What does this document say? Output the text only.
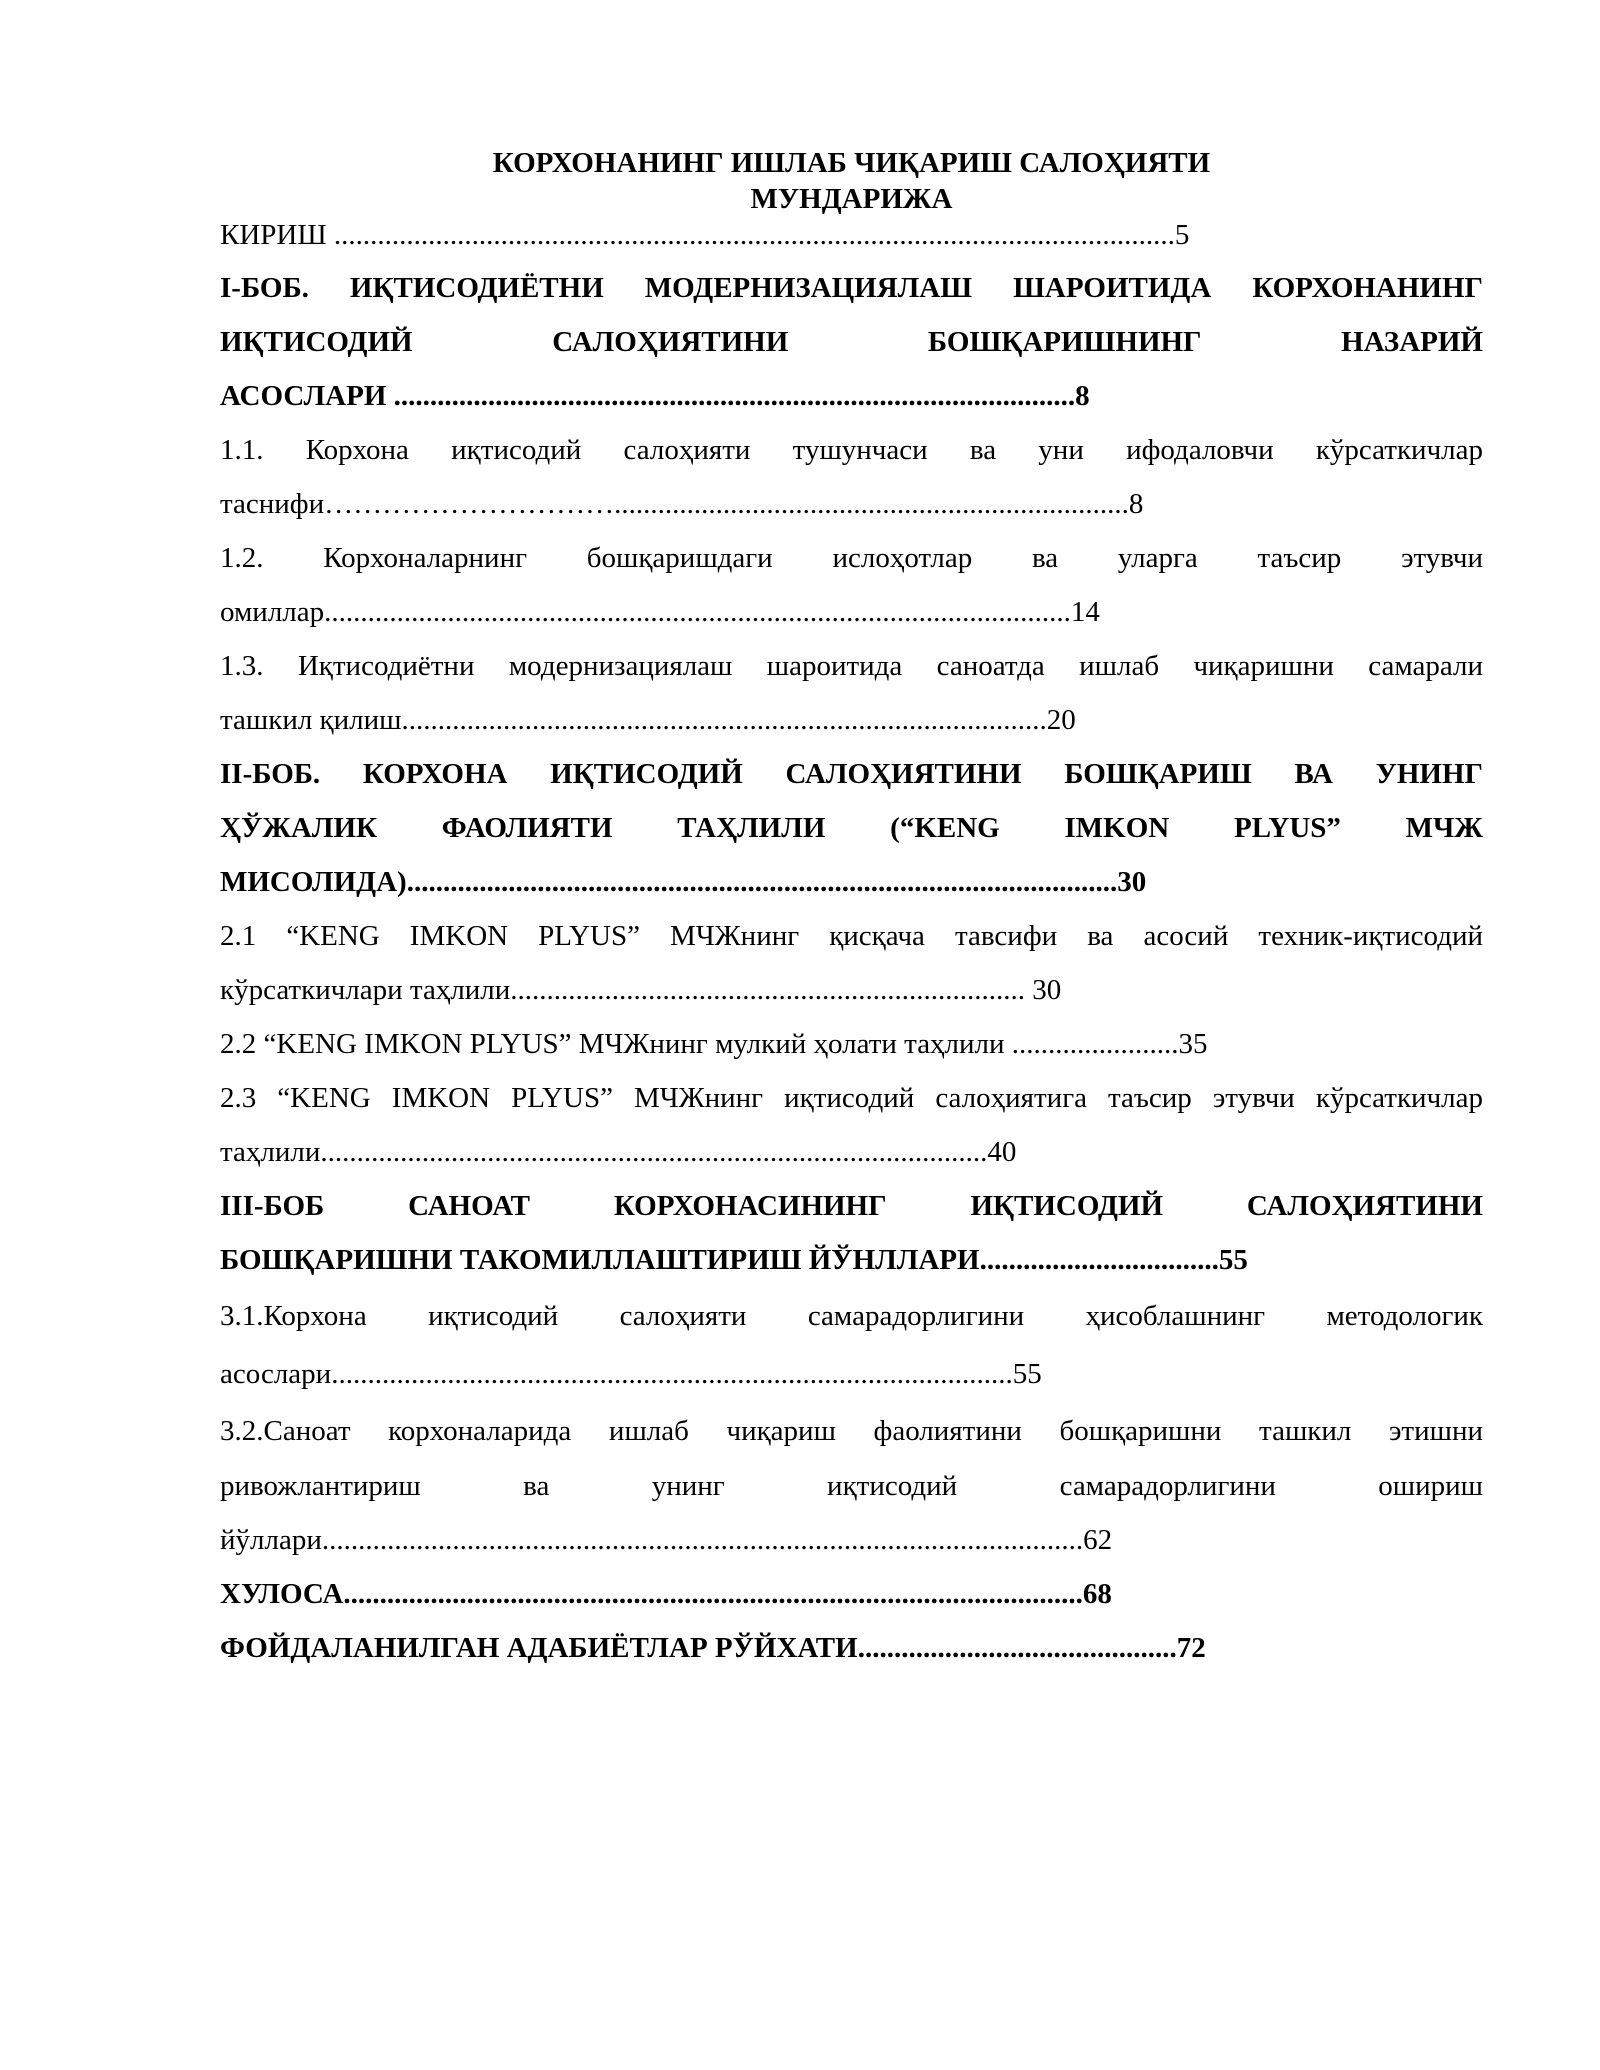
КОРХОНАНИНГ ИШЛАБ ЧИҚАРИШ САЛОҲИЯТИ
МУНДАРИЖА
КИРИШ ....................................................................................................................5
I-БОБ. ИҚТИСОДИЁТНИ МОДЕРНИЗАЦИЯЛАШ ШАРОИТИДА КОРХОНАНИНГ
ИҚТИСОДИЙ САЛОҲИЯТИНИ БОШҚАРИШНИНГ НАЗАРИЙ
АСОСЛАРИ ..............................................................................................8
1.1. Корхона иқтисодий салоҳияти тушунчаси ва уни ифодаловчи кўрсаткичлар
таснифи………………………….......................................................................8
1.2. Корхоналарнинг бошқаришдаги ислоҳотлар ва уларга таъсир этувчи
омиллар.......................................................................................................14
1.3. Иқтисодиётни модернизациялаш шароитида саноатда ишлаб чиқаришни самарали
ташкил қилиш.........................................................................................20
II-БОБ. КОРХОНА ИҚТИСОДИЙ САЛОҲИЯТИНИ БОШҚАРИШ ВА УНИНГ
ҲЎЖАЛИК ФАОЛИЯТИ ТАҲЛИЛИ (“KENG IMKON PLYUS” МЧЖ
МИСОЛИДА)..................................................................................................30
2.1 “KENG IMKON PLYUS” МЧЖнинг қисқача тавсифи ва асосий техник-иқтисодий
кўрсаткичлари таҳлили....................................................................... 30
2.2 “KENG IMKON PLYUS” МЧЖнинг мулкий ҳолати таҳлили .......................35
2.3 “KENG IMKON PLYUS” МЧЖнинг иқтисодий салоҳиятига таъсир этувчи кўрсаткичлар
таҳлили............................................................................................40
III-БОБ САНОАТ КОРХОНАСИНИНГ ИҚТИСОДИЙ САЛОҲИЯТИНИ
БОШҚАРИШНИ ТАКОМИЛЛАШТИРИШ ЙЎНЛЛАРИ.................................55
3.1.Корхона иқтисодий салоҳияти самарадорлигини ҳисоблашнинг методологик
асослари..............................................................................................55
3.2.Саноат корхоналарида ишлаб чиқариш фаолиятини бошқаришни ташкил этишни
ривожлантириш ва унинг иқтисодий самарадорлигини ошириш
йўллари.........................................................................................................62
ХУЛОСА......................................................................................................68
ФОЙДАЛАНИЛГАН АДАБИЁТЛАР РЎЙХАТИ............................................72
